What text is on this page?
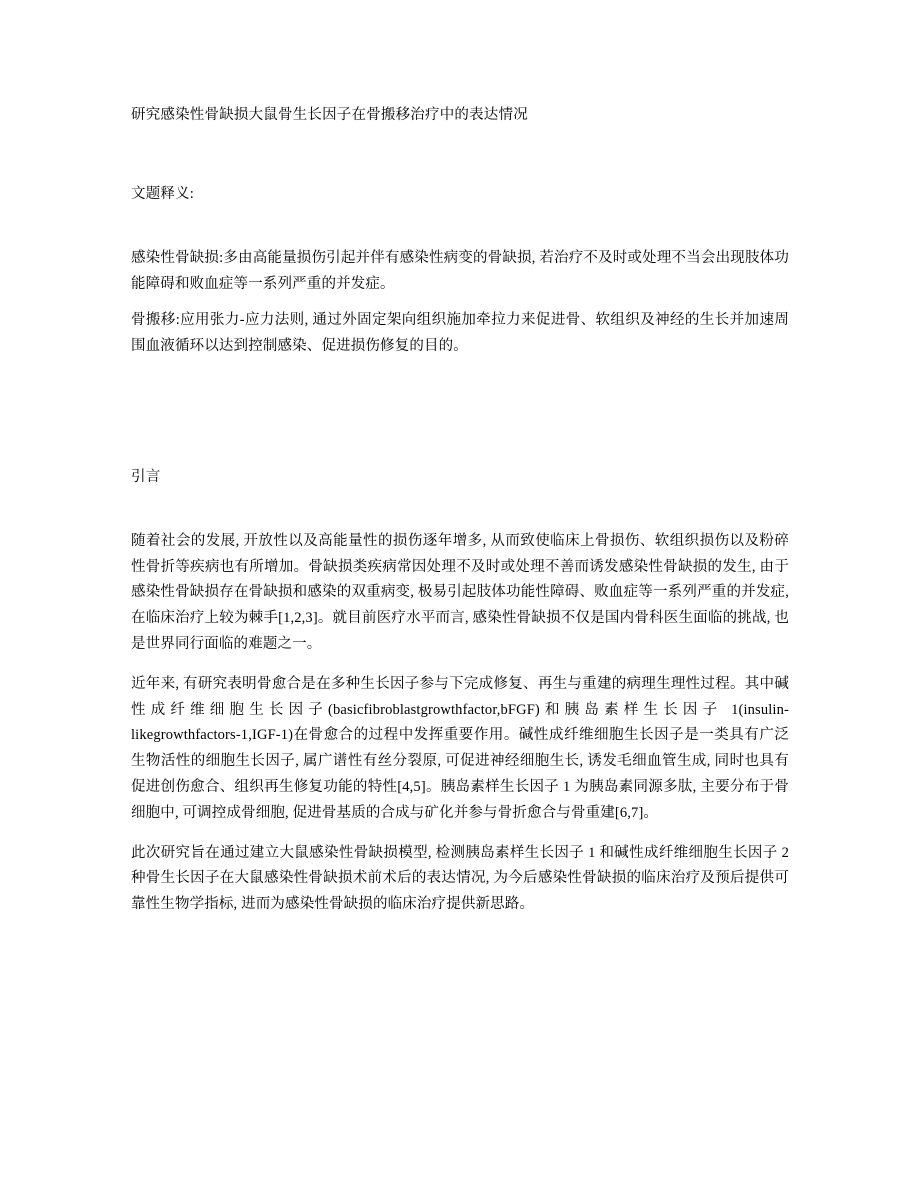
研究感染性骨缺损大鼠骨生长因子在骨搬移治疗中的表达情况
文题释义:
感染性骨缺损:多由高能量损伤引起并伴有感染性病变的骨缺损, 若治疗不及时或处理不当会出现肢体功能障碍和败血症等一系列严重的并发症。
骨搬移:应用张力-应力法则, 通过外固定架向组织施加牵拉力来促进骨、软组织及神经的生长并加速周围血液循环以达到控制感染、促进损伤修复的目的。
引言

随着社会的发展, 开放性以及高能量性的损伤逐年增多, 从而致使临床上骨损伤、软组织损伤以及粉碎性骨折等疾病也有所增加。骨缺损类疾病常因处理不及时或处理不善而诱发感染性骨缺损的发生, 由于感染性骨缺损存在骨缺损和感染的双重病变, 极易引起肢体功能性障碍、败血症等一系列严重的并发症, 在临床治疗上较为棘手[1,2,3]。就目前医疗水平而言, 感染性骨缺损不仅是国内骨科医生面临的挑战, 也是世界同行面临的难题之一。

近年来, 有研究表明骨愈合是在多种生长因子参与下完成修复、再生与重建的病理生理性过程。其中碱性成纤维细胞生长因子(basicfibroblastgrowthfactor,bFGF)和胰岛素样生长因子 1(insulin-likegrowthfactors-1,IGF-1)在骨愈合的过程中发挥重要作用。碱性成纤维细胞生长因子是一类具有广泛生物活性的细胞生长因子, 属广谱性有丝分裂原, 可促进神经细胞生长, 诱发毛细血管生成, 同时也具有促进创伤愈合、组织再生修复功能的特性[4,5]。胰岛素样生长因子 1 为胰岛素同源多肽, 主要分布于骨细胞中, 可调控成骨细胞, 促进骨基质的合成与矿化并参与骨折愈合与骨重建[6,7]。

此次研究旨在通过建立大鼠感染性骨缺损模型, 检测胰岛素样生长因子 1 和碱性成纤维细胞生长因子 2 种骨生长因子在大鼠感染性骨缺损术前术后的表达情况, 为今后感染性骨缺损的临床治疗及预后提供可靠性生物学指标, 进而为感染性骨缺损的临床治疗提供新思路。
